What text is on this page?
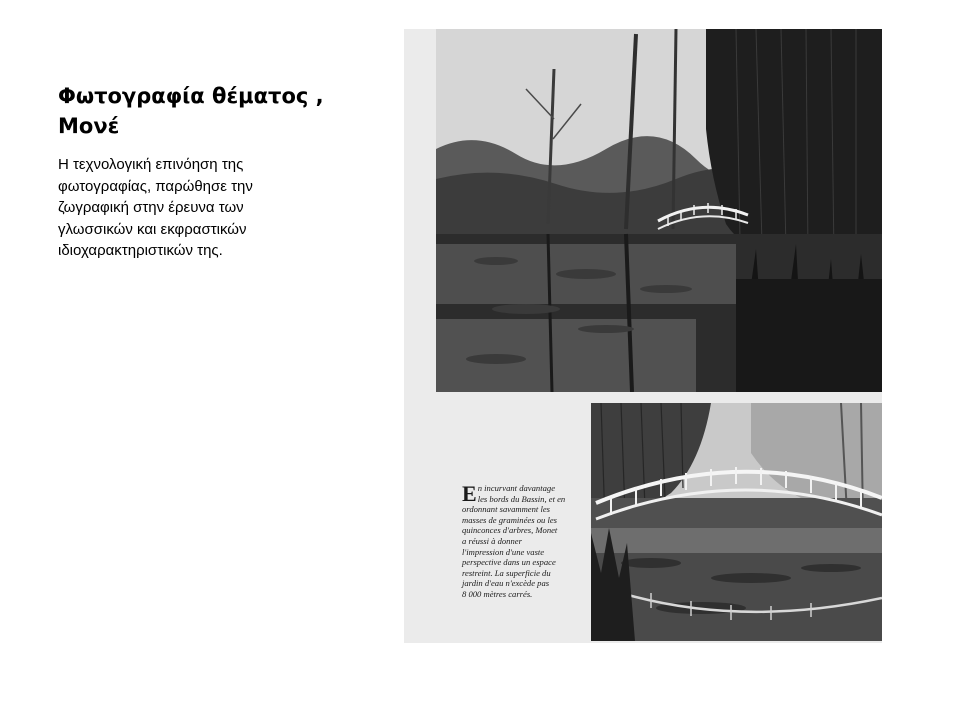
Φωτογραφία θέματος ,
Μονέ
Η τεχνολογική επινόηση της
φωτογραφίας, παρώθησε την
ζωγραφική στην έρευνα των
γλωσσικών και εκφραστικών
ιδιοχαρακτηριστικών της.
E n incurvant davantage
les bords du Bassin, et en
ordonnant savamment les
masses de graminées ou les
quinconces d'arbres, Monet
a réussi à donner
l'impression d'une vaste
perspective dans un espace
restreint. La superficie du
jardin d'eau n'excède pas
8 000 mètres carrés.
